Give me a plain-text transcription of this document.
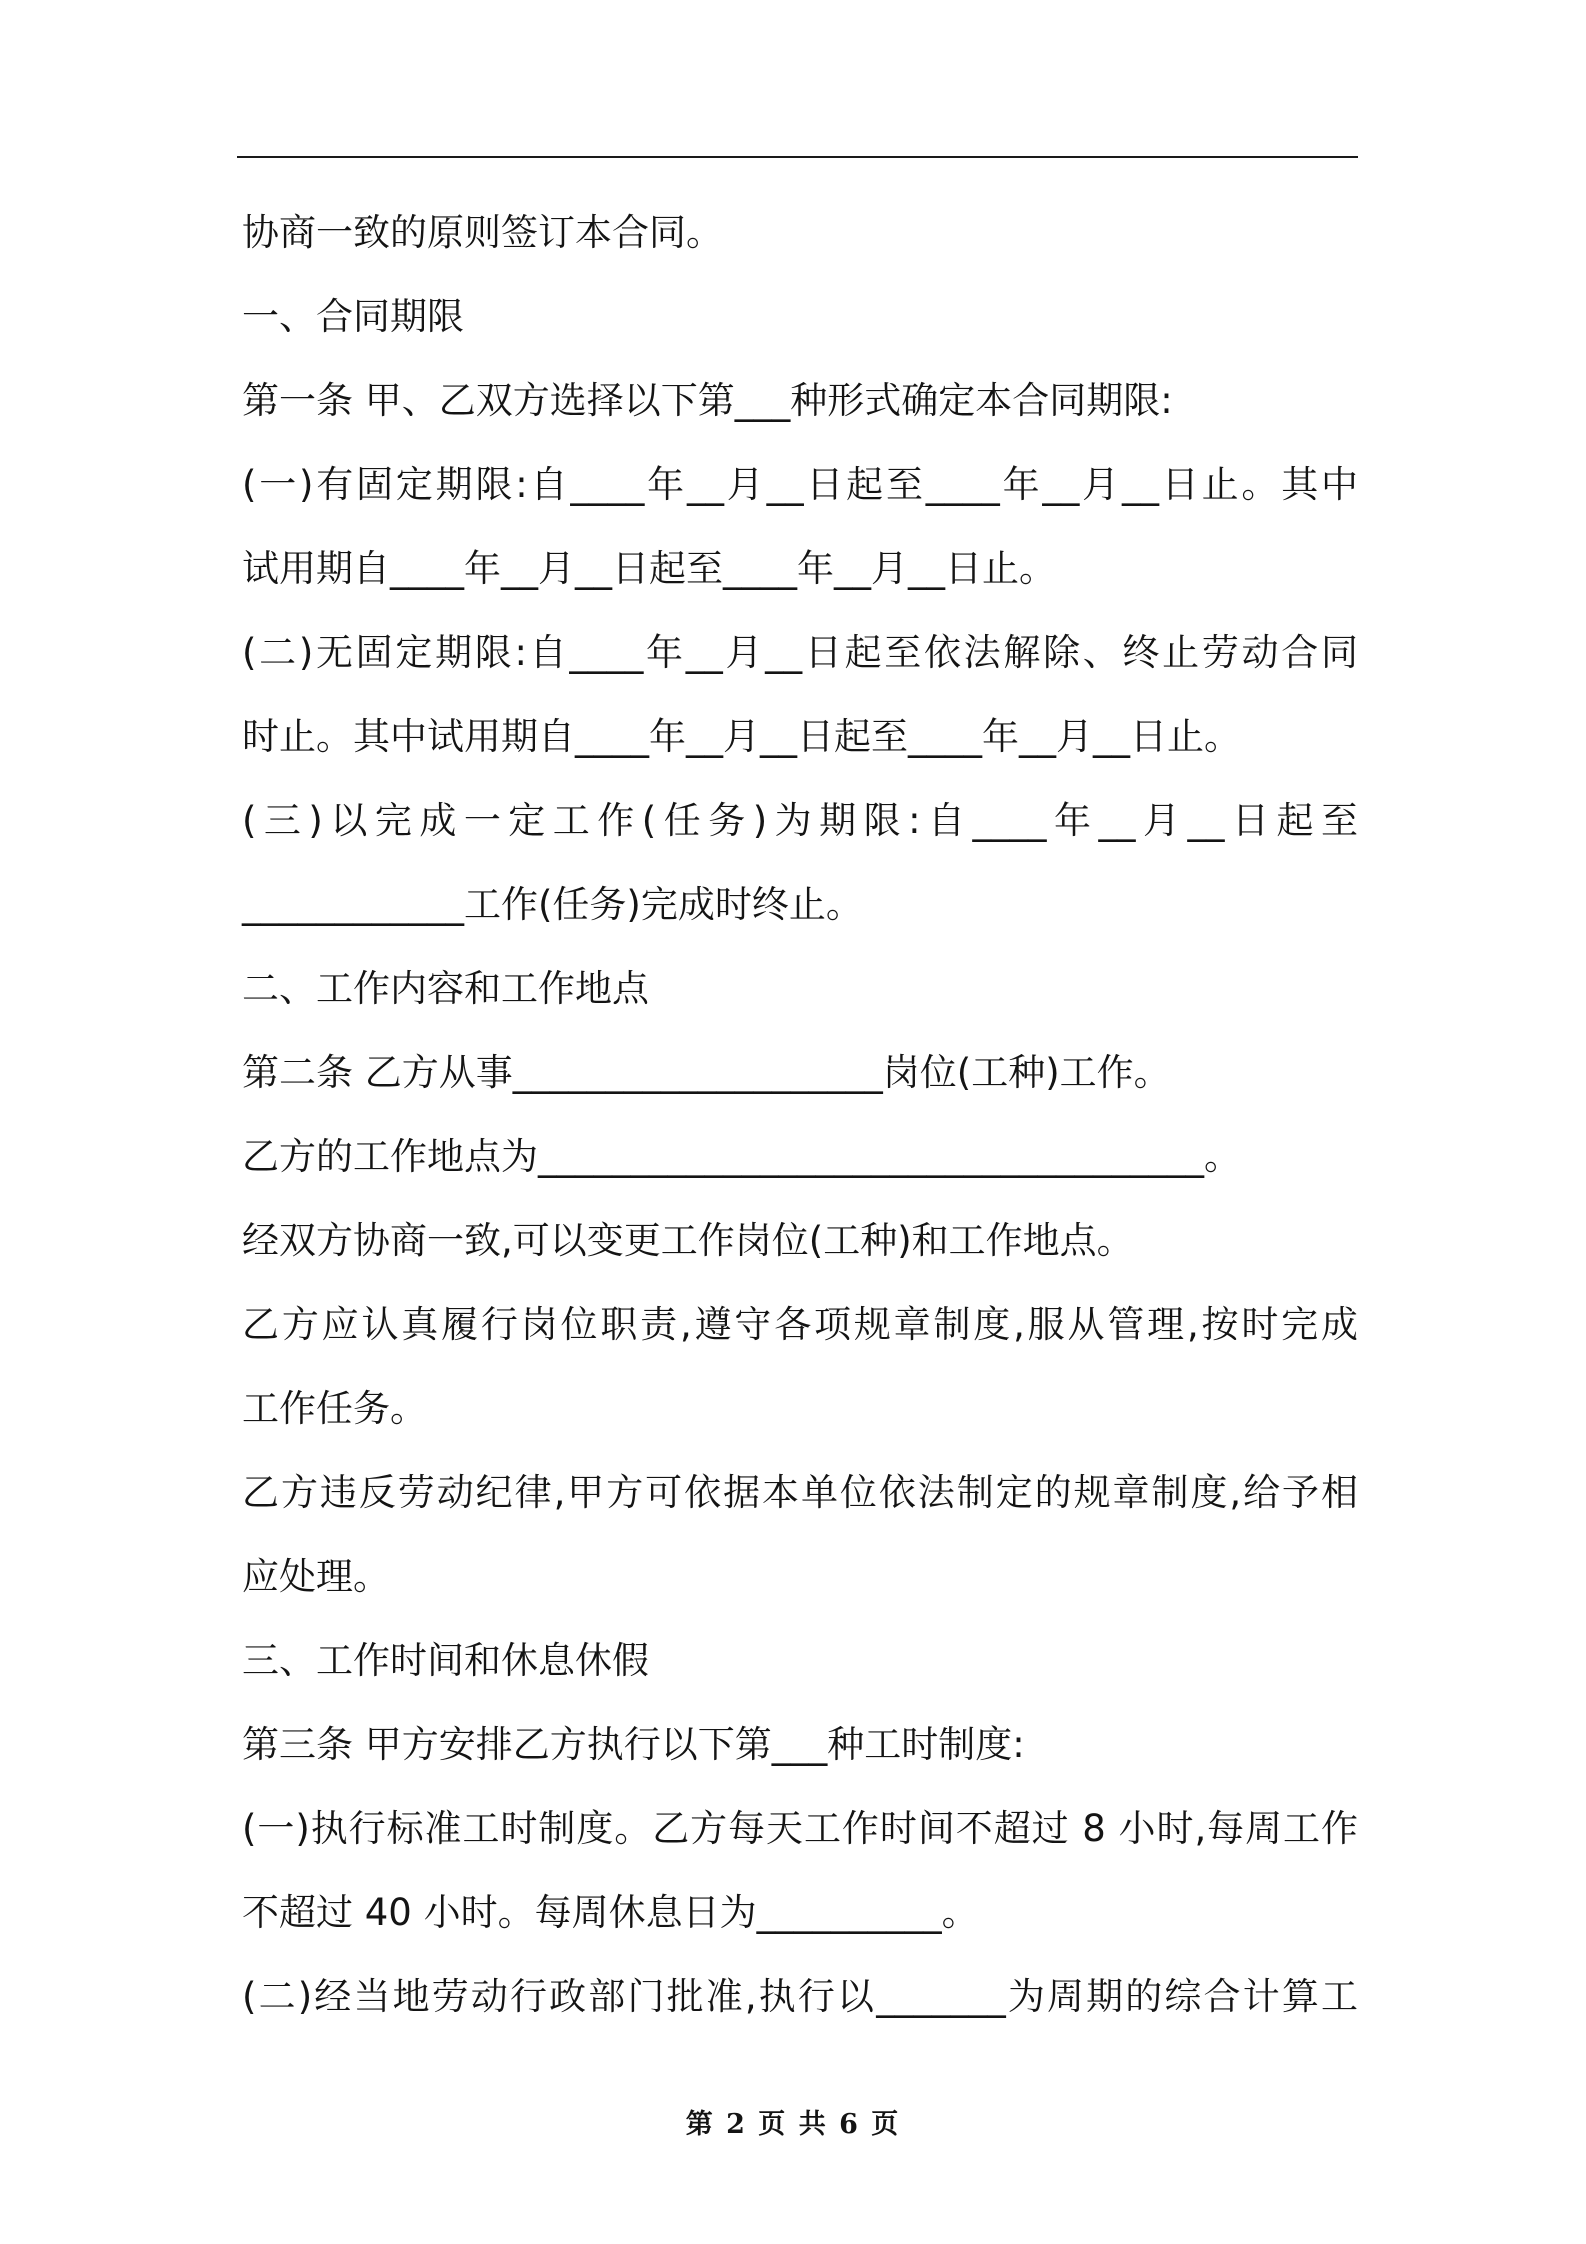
协商一致的原则签订本合同。
一、合同期限
第一条 甲、乙双方选择以下第___种形式确定本合同期限:
(一)有固定期限:自____年__月__日起至____年__月__日止。其中
试用期自____年__月__日起至____年__月__日止。
(二)无固定期限:自____年__月__日起至依法解除、终止劳动合同
时止。其中试用期自____年__月__日起至____年__月__日止。
(三)以完成一定工作(任务)为期限:自____年__月__日起至
____________工作(任务)完成时终止。
二、工作内容和工作地点
第二条 乙方从事____________________岗位(工种)工作。
乙方的工作地点为____________________________________。
经双方协商一致,可以变更工作岗位(工种)和工作地点。
乙方应认真履行岗位职责,遵守各项规章制度,服从管理,按时完成
工作任务。
乙方违反劳动纪律,甲方可依据本单位依法制定的规章制度,给予相
应处理。
三、工作时间和休息休假
第三条 甲方安排乙方执行以下第___种工时制度:
(一)执行标准工时制度。乙方每天工作时间不超过 8 小时,每周工作
不超过 40 小时。每周休息日为__________。
(二)经当地劳动行政部门批准,执行以_______为周期的综合计算工
第 2 页 共 6 页
